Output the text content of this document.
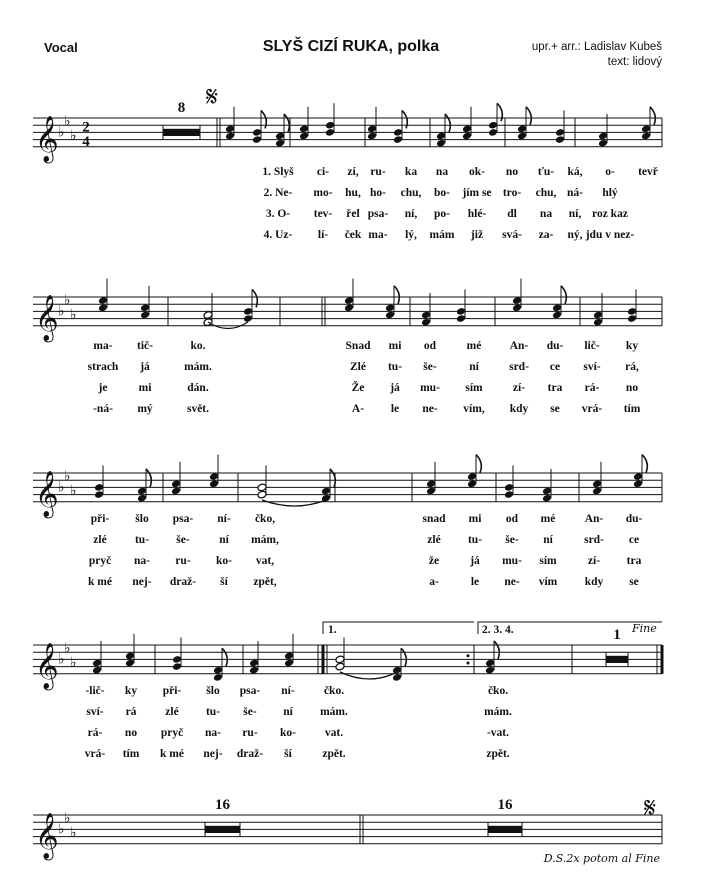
Vocal	SLYŠ CIZÍ RUKA, polka	upr.+ arr.: Ladislav Kubeš
text: lidový
𝄞 ♭
♭
♭
2
4
8 𝄋
1. Slyš ci- zí, ru- ka na ok- no ťu- ká, o- tevř
2. Ne- mo- hu, ho- chu, bo- jím se tro- chu, ná- hlý
3. O- tev- řel psa- ní, po- hlé- dl na ní, roz kaz
4. Uz- lí- ček ma- lý, mám již svá- za- ný, jdu v nez-
𝄞 ♭
♭
♭
ma- tič-	ko.	Snad mi od	mé An- du- lič- ky
strach já	mám.	Zlé tu- še-	ní	srd- ce sví- rá,
je	mi	dán.	Že já mu- sím	zí- tra rá- no
-ná- mý	svět.	A- le ne- vím, kdy se vrá- tím
𝄞 ♭
♭
♭
při- šlo psa- ní- čko,	snad mi od mé	An- du-
zlé tu- še-	ní mám,	zlé tu- še- ní	srd- ce
pryč na- ru- ko- vat,	že	já mu- sím	zí- tra
k mé nej- draž- ší zpět,	a-	le ne- vím kdy se
𝄞 ♭
♭
♭
1.	2. 3. 4.	1 Fine
-lič- ky při- šlo psa- ní-	čko.	čko.
sví- rá	zlé tu- še- ní mám.	mám.
rá- no pryč na- ru- ko-	vat.	-vat.
vrá- tím k mé nej- draž- ší	zpět.	zpět.
𝄞 ♭
♭
♭
16	16	𝄋
D.S.2x potom al Fine
